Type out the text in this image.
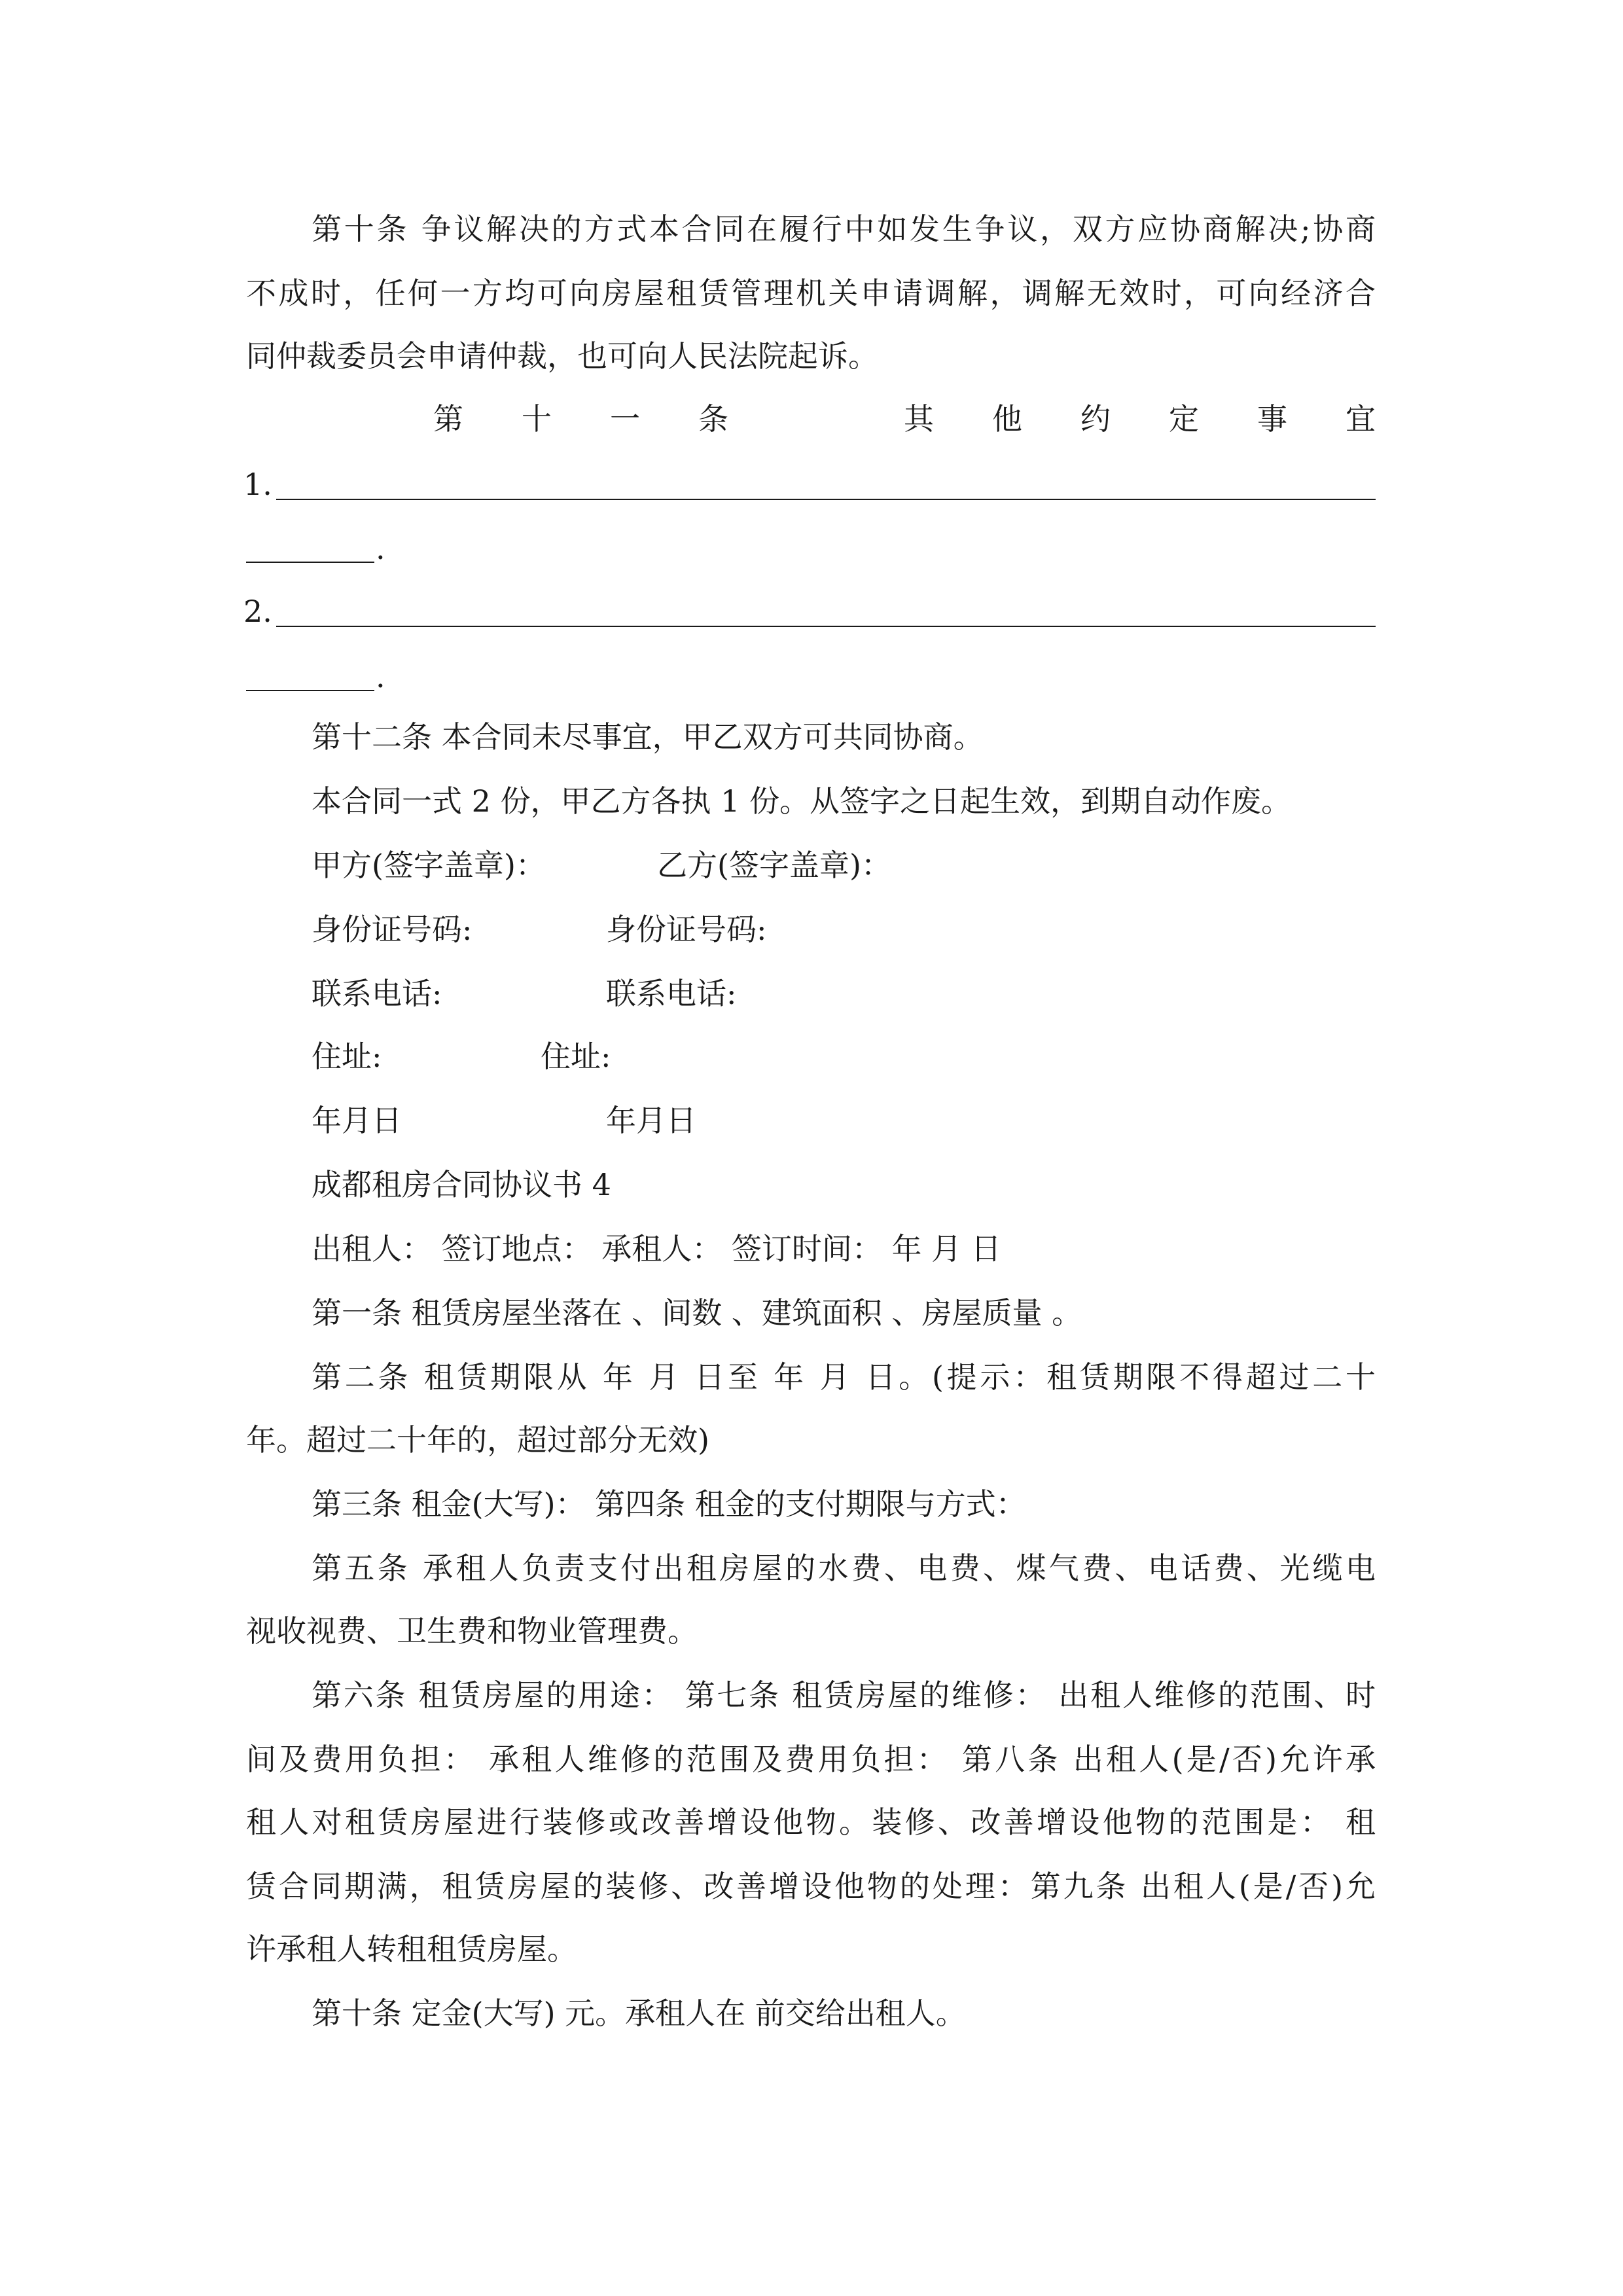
第十条 争议解决的方式本合同在履行中如发生争议，双方应协商解决;协商

不成时，任何一方均可向房屋租赁管理机关申请调解，调解无效时，可向经济合

同仲裁委员会申请仲裁，也可向人民法院起诉。

第 十 一 条	其 他 约 定 事 宜
1.
.
2.
.

第十二条 本合同未尽事宜，甲乙双方可共同协商。

本合同一式 2 份，甲乙方各执 1 份。从签字之日起生效，到期自动作废。

甲方(签字盖章)：	乙方(签字盖章)：
身份证号码:	身份证号码:
联系电话:	联系电话:
住址:	住址:
年月日	年月日

成都租房合同协议书 4

出租人： 签订地点： 承租人： 签订时间： 年 月 日

第一条 租赁房屋坐落在 、间数 、建筑面积 、房屋质量 。

第二条 租赁期限从 年 月 日至 年 月 日。(提示：租赁期限不得超过二十

年。超过二十年的，超过部分无效)

第三条 租金(大写)： 第四条 租金的支付期限与方式：

第五条 承租人负责支付出租房屋的水费、电费、煤气费、电话费、光缆电

视收视费、卫生费和物业管理费。

第六条 租赁房屋的用途： 第七条 租赁房屋的维修： 出租人维修的范围、时

间及费用负担： 承租人维修的范围及费用负担： 第八条 出租人(是/否)允许承

租人对租赁房屋进行装修或改善增设他物。装修、改善增设他物的范围是： 租

赁合同期满，租赁房屋的装修、改善增设他物的处理：第九条 出租人(是/否)允

许承租人转租租赁房屋。

第十条 定金(大写) 元。承租人在 前交给出租人。
